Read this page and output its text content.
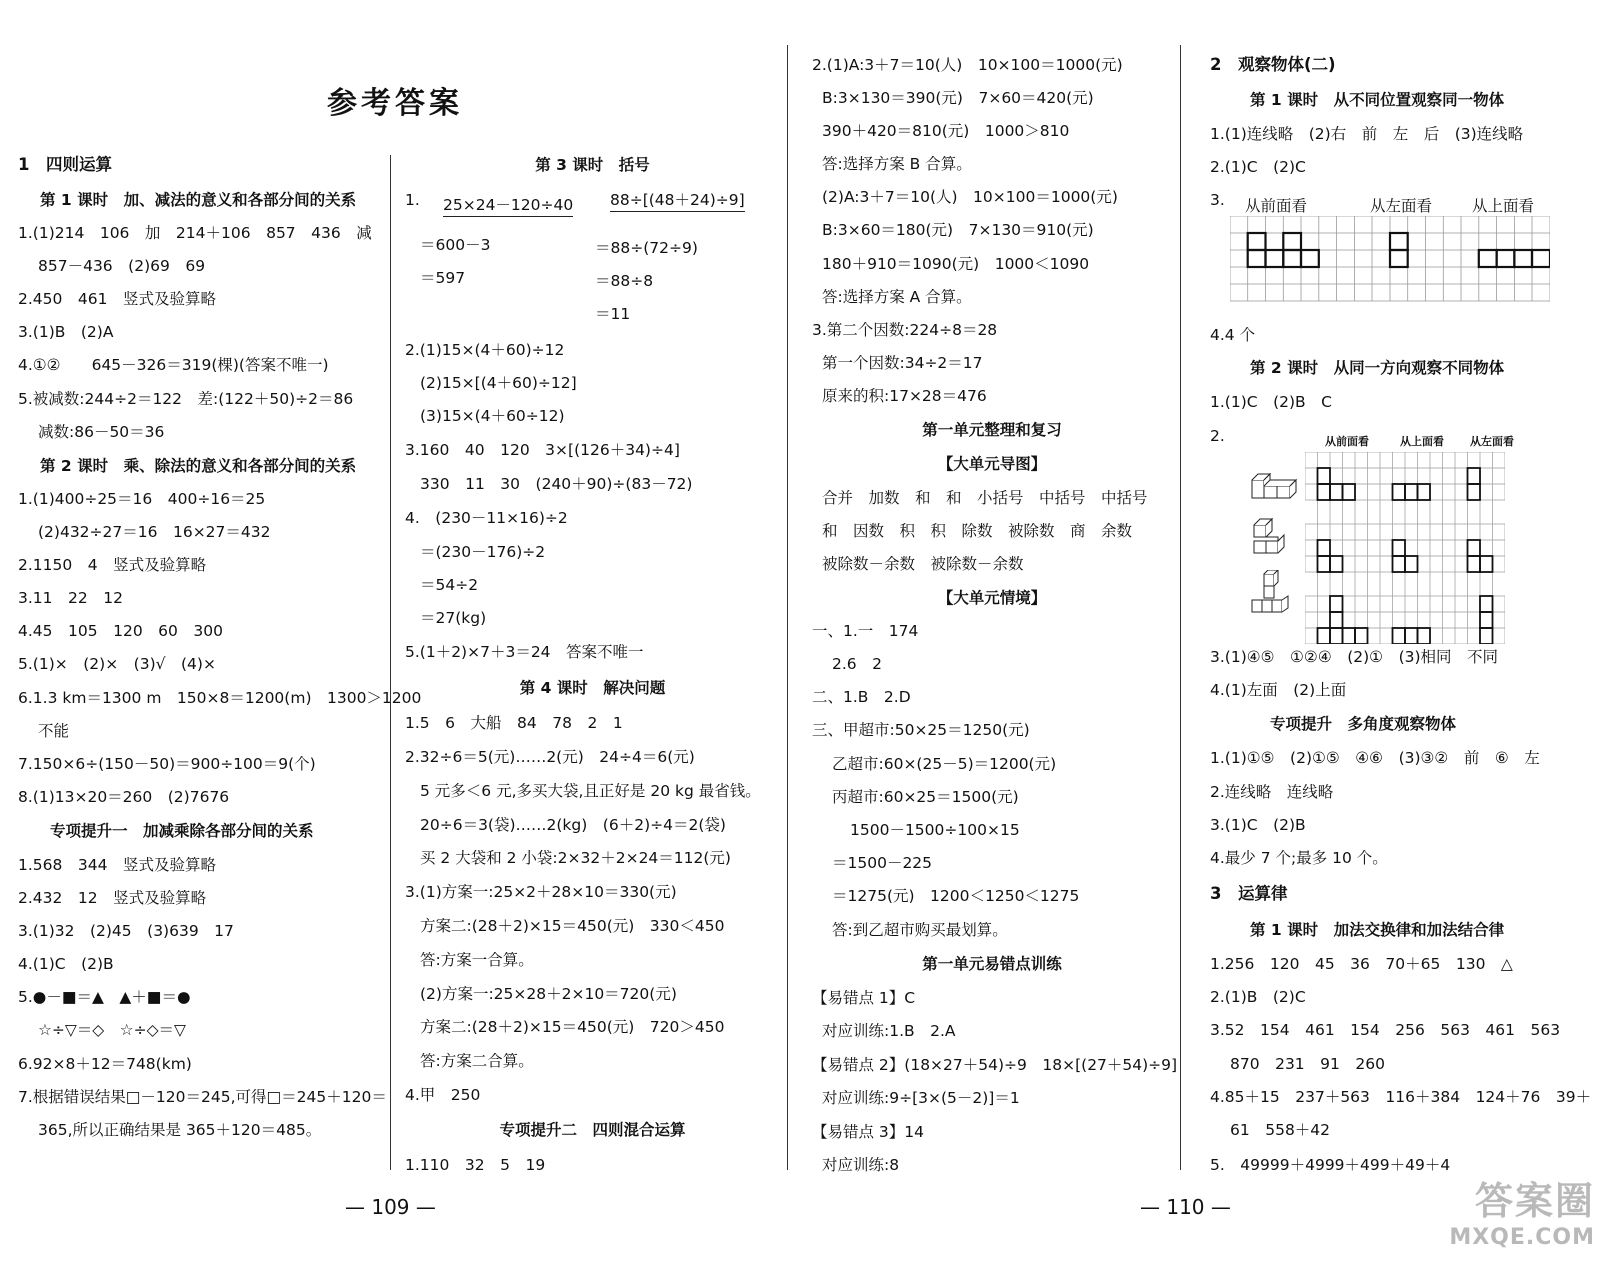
参考答案
1　四则运算
第 1 课时　加、减法的意义和各部分间的关系
1.(1)214　106　加　214＋106　857　436　减
857－436　(2)69　69
2.450　461　竖式及验算略
3.(1)B　(2)A
4.①②　　645－326＝319(棵)(答案不唯一)
5.被减数:244÷2＝122　差:(122＋50)÷2＝86
减数:86－50＝36
第 2 课时　乘、除法的意义和各部分间的关系
1.(1)400÷25＝16　400÷16＝25
(2)432÷27＝16　16×27＝432
2.1150　4　竖式及验算略
3.11　22　12
4.45　105　120　60　300
5.(1)×　(2)×　(3)√　(4)×
6.1.3 km＝1300 m　150×8＝1200(m)　1300＞1200
不能
7.150×6÷(150－50)＝900÷100＝9(个)
8.(1)13×20＝260　(2)7676
专项提升一　加减乘除各部分间的关系
1.568　344　竖式及验算略
2.432　12　竖式及验算略
3.(1)32　(2)45　(3)639　17
4.(1)C　(2)B
5.●－■＝▲　▲＋■＝●
☆÷▽＝◇　☆÷◇＝▽
6.92×8＋12＝748(km)
7.根据错误结果□－120＝245,可得□＝245＋120＝
365,所以正确结果是 365＋120＝485。
第 3 课时　括号
1. 25×24－120÷40
＝600－3
＝597
88÷[(48＋24)÷9]
＝88÷(72÷9)
＝88÷8
＝11
2.(1)15×(4＋60)÷12
(2)15×[(4＋60)÷12]
(3)15×(4＋60÷12)
3.160　40　120　3×[(126＋34)÷4]
330　11　30　(240＋90)÷(83－72)
4.　(230－11×16)÷2
＝(230－176)÷2
＝54÷2
＝27(kg)
5.(1＋2)×7＋3＝24　答案不唯一
第 4 课时　解决问题
1.5　6　大船　84　78　2　1
2.32÷6＝5(元)……2(元)　24÷4＝6(元)
5 元多＜6 元,多买大袋,且正好是 20 kg 最省钱。
20÷6＝3(袋)……2(kg)　(6＋2)÷4＝2(袋)
买 2 大袋和 2 小袋:2×32＋2×24＝112(元)
3.(1)方案一:25×2＋28×10＝330(元)
方案二:(28＋2)×15＝450(元)　330＜450
答:方案一合算。
(2)方案一:25×28＋2×10＝720(元)
方案二:(28＋2)×15＝450(元)　720＞450
答:方案二合算。
4.甲　250
专项提升二　四则混合运算
1.110　32　5　19
2.(1)A:3＋7＝10(人)　10×100＝1000(元)
B:3×130＝390(元)　7×60＝420(元)
390＋420＝810(元)　1000＞810
答:选择方案 B 合算。
(2)A:3＋7＝10(人)　10×100＝1000(元)
B:3×60＝180(元)　7×130＝910(元)
180＋910＝1090(元)　1000＜1090
答:选择方案 A 合算。
3.第二个因数:224÷8＝28
第一个因数:34÷2＝17
原来的积:17×28＝476
第一单元整理和复习
【大单元导图】
合并　加数　和　和　小括号　中括号　中括号
和　因数　积　积　除数　被除数　商　余数
被除数－余数　被除数－余数
【大单元情境】
一、1.一　174
2.6　2
二、1.B　2.D
三、甲超市:50×25＝1250(元)
乙超市:60×(25－5)＝1200(元)
丙超市:60×25＝1500(元)
1500－1500÷100×15
＝1500－225
＝1275(元)　1200＜1250＜1275
答:到乙超市购买最划算。
第一单元易错点训练
【易错点 1】C
对应训练:1.B　2.A
【易错点 2】(18×27＋54)÷9　18×[(27＋54)÷9]
对应训练:9÷[3×(5－2)]＝1
【易错点 3】14
对应训练:8
2　观察物体(二)
第 1 课时　从不同位置观察同一物体
1.(1)连线略　(2)右　前　左　后　(3)连线略
2.(1)C　(2)C
3. 从前面看	从左面看	从上面看
4.4 个
第 2 课时　从同一方向观察不同物体
1.(1)C　(2)B　C
2.	从前面看	从上面看 从左面看
3.(1)④⑤　①②④　(2)①　(3)相同　不同
4.(1)左面　(2)上面
专项提升　多角度观察物体
1.(1)①⑤　(2)①⑤　④⑥　(3)③②　前　⑥　左
2.连线略　连线略
3.(1)C　(2)B
4.最少 7 个;最多 10 个。
3　运算律
第 1 课时　加法交换律和加法结合律
1.256　120　45　36　70＋65　130　△
2.(1)B　(2)C
3.52　154　461　154　256　563　461　563
870　231　91　260
4.85＋15　237＋563　116＋384　124＋76　39＋
61　558＋42
5.　49999＋4999＋499＋49＋4
— 109 —	— 110 —	答案圈
MXQE.COM
